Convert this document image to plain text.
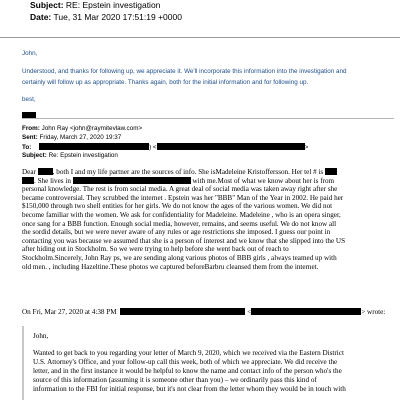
Subject: RE: Epstein investigation
Date: Tue, 31 Mar 2020 17:51:19 +0000
John,
Understood, and thanks for following up, we appreciate it. We'll incorporate this information into the investigation and
certainly will follow up as appropriate. Thanks again, both for the initial information and for following up.
best,
From: John Ray <john@raymitevlaw.com>
Sent: Friday, March 27, 2020 19:37
To:	) <	>
Subject: Re: Epstein investigation
Dear , both I and my life partner are the sources of info. She isMadeleine Kristoffersson. Her tel # is
. She lives in	with me.Most of what we know about her is from
personal knowledge. The rest is from social media. A great deal of social media was taken away right after she
became controversial. They scrubbed the internet . Epstein was her "BBB" Man of the Year in 2002. He paid her
$150,000 through two shell entities for her girls. We do not know the ages of the various women. We did not
become familiar with the women. We ask for confidentiality for Madeleine. Madeleine , who is an opera singer,
once sang for a BBB function. Enough social media, however, remains, and seems useful. We do not know all
the sordid details, but we were never aware of any rules or age restrictions she imposed. I guess our point in
contacting you was because we assumed that she is a person of interest and we know that she slipped into the US
after hiding out in Stockholm. So we were trying to help before she went back out of reach to
Stockholm.Sincerely, John Ray ps, we are sending along various photos of BBB girls , always teamed up with
old men. , including Hazeltine.These photos we captured beforeBarbru cleansed them from the internet.
On Fri, Mar 27, 2020 at 4:38 PM	<	> wrote:
John,
Wanted to get back to you regarding your letter of March 9, 2020, which we received via the Eastern District
U.S. Attorney's Office, and your follow-up call this week, both of which we appreciate. We did receive the
letter, and in the first instance it would be helpful to know the name and contact info of the person who's the
source of this information (assuming it is someone other than you) – we ordinarily pass this kind of
information to the FBI for initial response, but it's not clear from the letter whom they would be in touch with
